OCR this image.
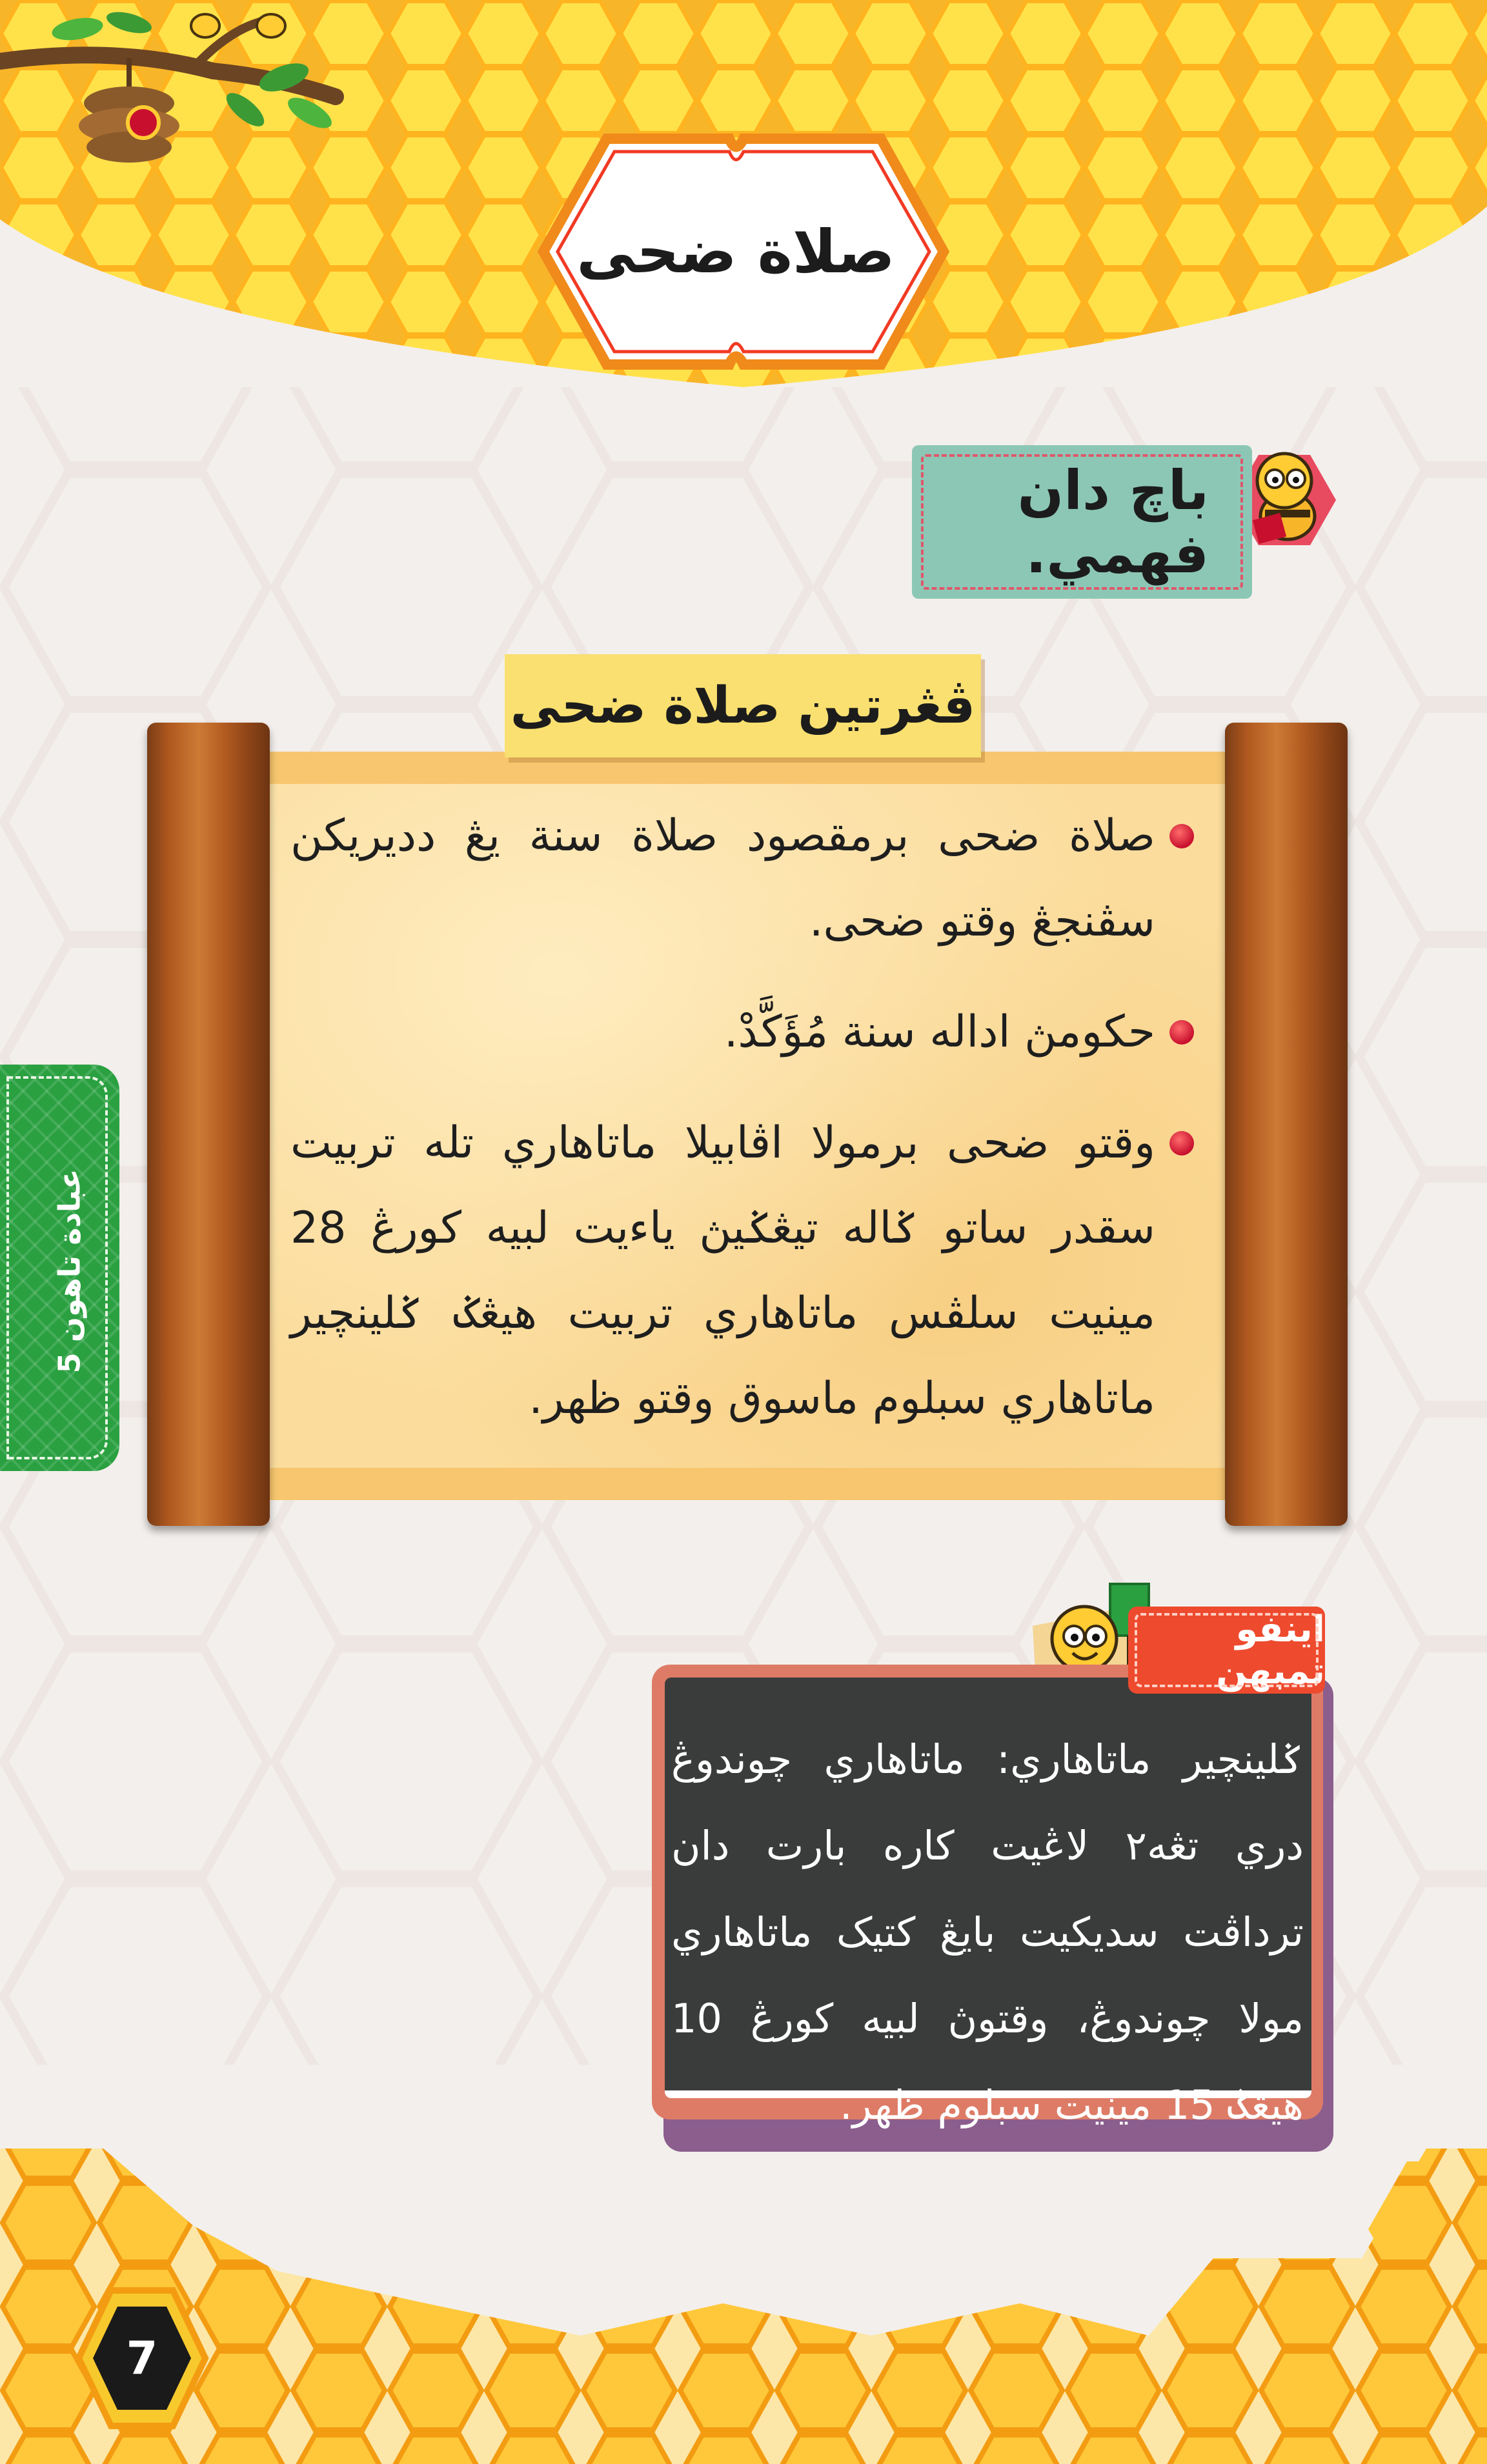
صلاة ضحى
باچ دان فهمي.
ڤڠرتين صلاة ضحى
صلاة ضحى برمقصود صلاة سنة يڠ دديريكن سڤنجڠ وقتو ضحى.
حكومڽ اداله سنة مُؤَكَّدْ.
وقتو ضحى برمولا اڤابيلا ماتاهاري تله تربيت سقدر ساتو ݢاله تيڠݢيڽ ياءيت لبيه كورڠ 28 مينيت سلڤس ماتاهاري تربيت هيڠݢ ݢلينچير ماتاهاري سبلوم ماسوق وقتو ظهر.
عبادة تاهون 5
ݢلينچير ماتاهاري: ماتاهاري چوندوڠ دري تڠه٢ لاڠيت كاره بارت دان ترداڤت سديكيت بايڠ كتيک ماتاهاري مولا چوندوڠ، وقتوڽ لبيه كورڠ 10 هيڠݢ 15 مينيت سبلوم ظهر.
اينفو تمبهن
7
